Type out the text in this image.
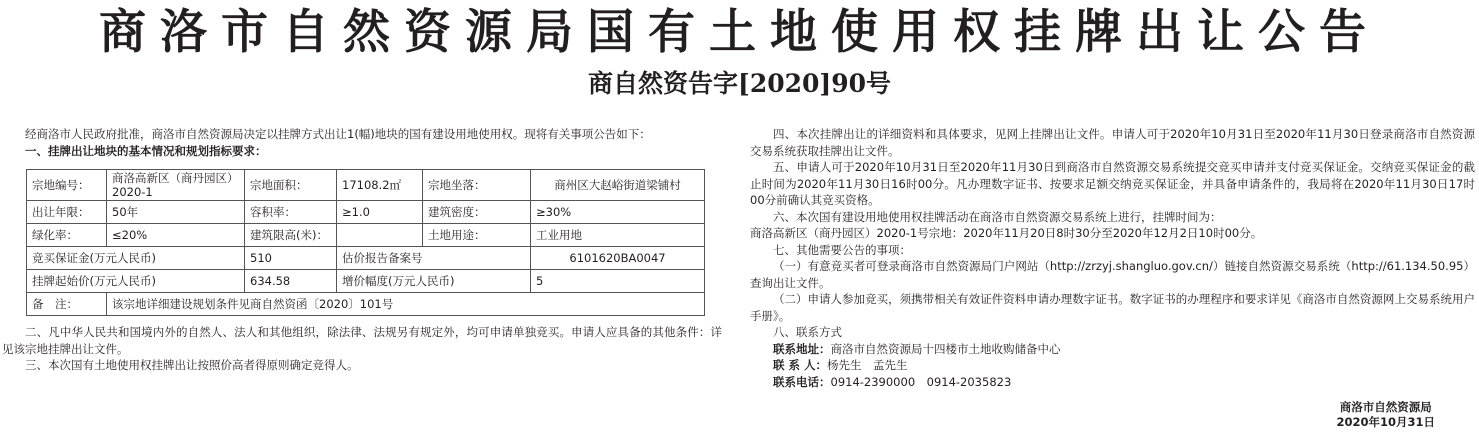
商洛市自然资源局国有土地使用权挂牌出让公告
商自然资告字[2020]90号

经商洛市人民政府批准，商洛市自然资源局决定以挂牌方式出让1(幅)地块的国有建设用地使用权。现将有关事项公告如下：

一、挂牌出让地块的基本情况和规划指标要求：

宗地编号：	商洛高新区（商丹园区）2020-1	宗地面积：	17108.2㎡	宗地坐落：	商州区大赵峪街道梁铺村
出让年限：	50年	容积率：	≥1.0	建筑密度：	≥30%
绿化率：	≤20%	建筑限高(米)：		土地用途：	工业用地
竞买保证金(万元人民币)		510	估价报告备案号		6101620BA0047
挂牌起始价(万元人民币)		634.58	增价幅度(万元人民币)		5
备　注：	该宗地详细建设规划条件见商自然资函〔2020〕101号				

二、凡中华人民共和国境内外的自然人、法人和其他组织，除法律、法规另有规定外，均可申请单独竞买。申请人应具备的其他条件：详见该宗地挂牌出让文件。

三、本次国有土地使用权挂牌出让按照价高者得原则确定竞得人。

四、本次挂牌出让的详细资料和具体要求，见网上挂牌出让文件。申请人可于2020年10月31日至2020年11月30日登录商洛市自然资源交易系统获取挂牌出让文件。

五、申请人可于2020年10月31日至2020年11月30日到商洛市自然资源交易系统提交竞买申请并支付竞买保证金。交纳竞买保证金的截止时间为2020年11月30日16时00分。凡办理数字证书、按要求足额交纳竞买保证金，并具备申请条件的，我局将在2020年11月30日17时00分前确认其竞买资格。

六、本次国有建设用地使用权挂牌活动在商洛市自然资源交易系统上进行，挂牌时间为：

商洛高新区（商丹园区）2020-1号宗地：2020年11月20日8时30分至2020年12月2日10时00分。

七、其他需要公告的事项：

（一）有意竞买者可登录商洛市自然资源局门户网站（http://zrzyj.shangluo.gov.cn/）链接自然资源交易系统（http://61.134.50.95）查询出让文件。

（二）申请人参加竞买，须携带相关有效证件资料申请办理数字证书。数字证书的办理程序和要求详见《商洛市自然资源网上交易系统用户手册》。

八、联系方式

联系地址：商洛市自然资源局十四楼市土地收购储备中心

联 系 人：杨先生　孟先生

联系电话：0914-2390000　0914-2035823

商洛市自然资源局
2020年10月31日
